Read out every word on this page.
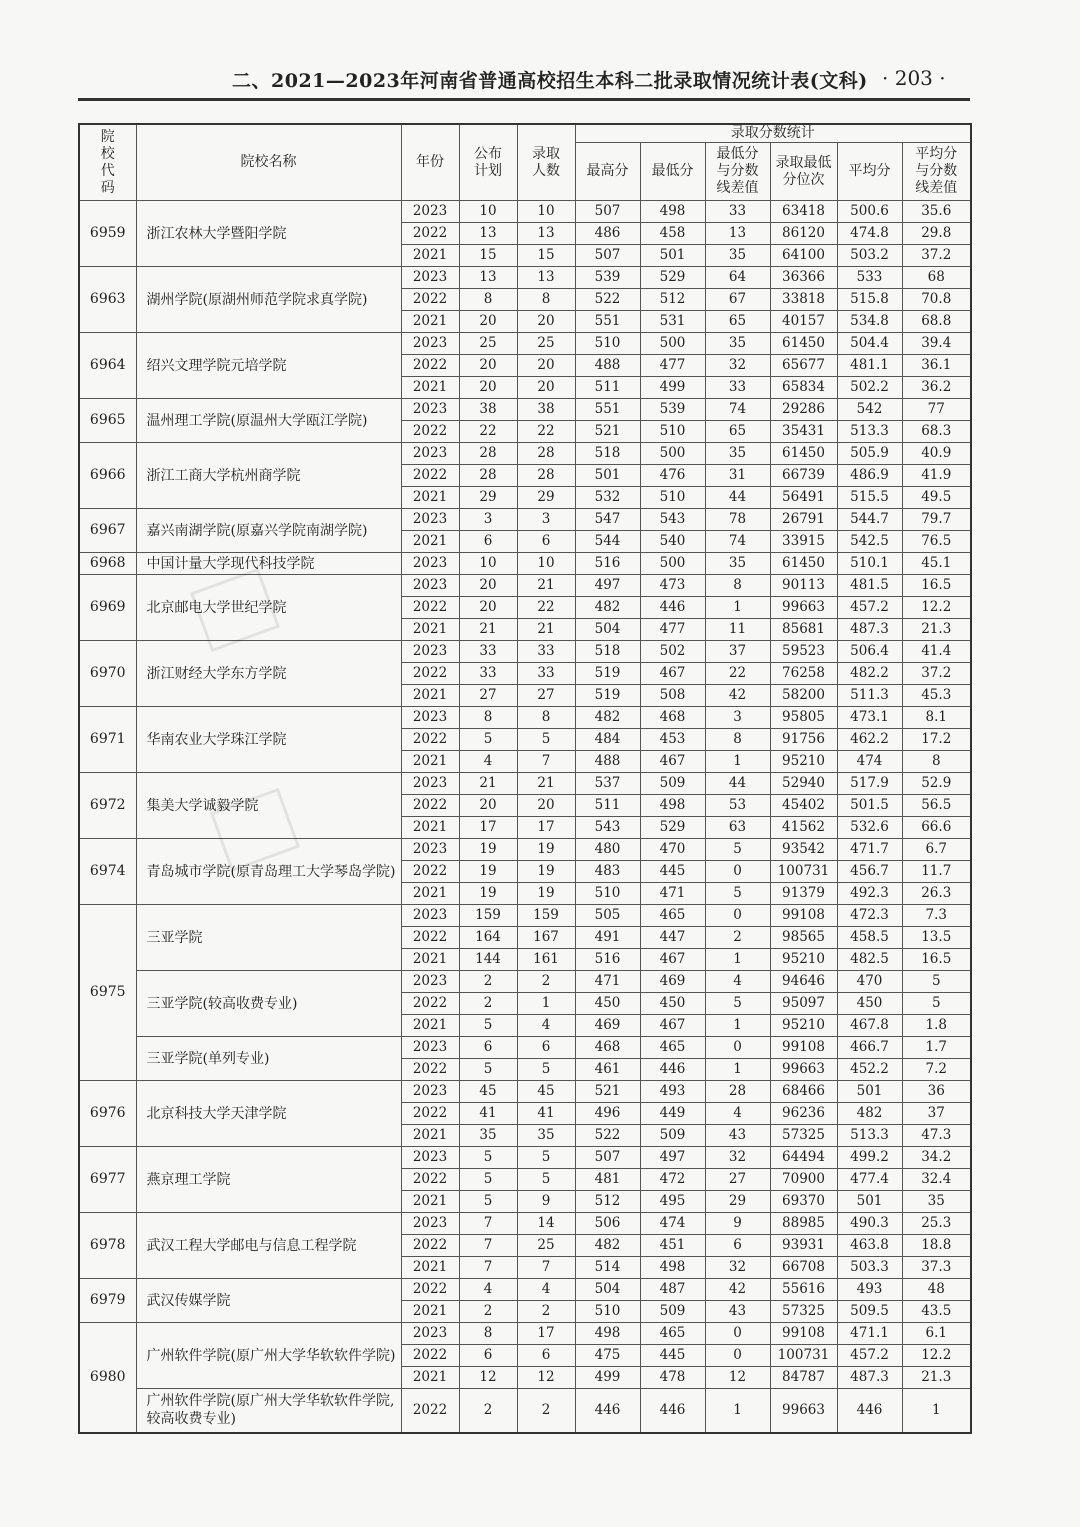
二、2021—2023年河南省普通高校招生本科二批录取情况统计表(文科) · 203 ·
院校代码	院校名称	年份	公布计划	录取人数	录取分数统计					
					最高分	最低分	最低分与分数线差值	录取最低分位次	平均分	平均分与分数线差值
6959	浙江农林大学暨阳学院	2023	10	10	507	498	33	63418	500.6	35.6
		2022	13	13	486	458	13	86120	474.8	29.8
		2021	15	15	507	501	35	64100	503.2	37.2
6963	湖州学院(原湖州师范学院求真学院)	2023	13	13	539	529	64	36366	533	68
		2022	8	8	522	512	67	33818	515.8	70.8
		2021	20	20	551	531	65	40157	534.8	68.8
6964	绍兴文理学院元培学院	2023	25	25	510	500	35	61450	504.4	39.4
		2022	20	20	488	477	32	65677	481.1	36.1
		2021	20	20	511	499	33	65834	502.2	36.2
6965	温州理工学院(原温州大学瓯江学院)	2023	38	38	551	539	74	29286	542	77
		2022	22	22	521	510	65	35431	513.3	68.3
6966	浙江工商大学杭州商学院	2023	28	28	518	500	35	61450	505.9	40.9
		2022	28	28	501	476	31	66739	486.9	41.9
		2021	29	29	532	510	44	56491	515.5	49.5
6967	嘉兴南湖学院(原嘉兴学院南湖学院)	2023	3	3	547	543	78	26791	544.7	79.7
		2021	6	6	544	540	74	33915	542.5	76.5
6968	中国计量大学现代科技学院	2023	10	10	516	500	35	61450	510.1	45.1
6969	北京邮电大学世纪学院	2023	20	21	497	473	8	90113	481.5	16.5
		2022	20	22	482	446	1	99663	457.2	12.2
		2021	21	21	504	477	11	85681	487.3	21.3
6970	浙江财经大学东方学院	2023	33	33	518	502	37	59523	506.4	41.4
		2022	33	33	519	467	22	76258	482.2	37.2
		2021	27	27	519	508	42	58200	511.3	45.3
6971	华南农业大学珠江学院	2023	8	8	482	468	3	95805	473.1	8.1
		2022	5	5	484	453	8	91756	462.2	17.2
		2021	4	7	488	467	1	95210	474	8
6972	集美大学诚毅学院	2023	21	21	537	509	44	52940	517.9	52.9
		2022	20	20	511	498	53	45402	501.5	56.5
		2021	17	17	543	529	63	41562	532.6	66.6
6974	青岛城市学院(原青岛理工大学琴岛学院)	2023	19	19	480	470	5	93542	471.7	6.7
		2022	19	19	483	445	0	100731	456.7	11.7
		2021	19	19	510	471	5	91379	492.3	26.3
6975	三亚学院	2023	159	159	505	465	0	99108	472.3	7.3
		2022	164	167	491	447	2	98565	458.5	13.5
		2021	144	161	516	467	1	95210	482.5	16.5
	三亚学院(较高收费专业)	2023	2	2	471	469	4	94646	470	5
		2022	2	1	450	450	5	95097	450	5
		2021	5	4	469	467	1	95210	467.8	1.8
	三亚学院(单列专业)	2023	6	6	468	465	0	99108	466.7	1.7
		2022	5	5	461	446	1	99663	452.2	7.2
6976	北京科技大学天津学院	2023	45	45	521	493	28	68466	501	36
		2022	41	41	496	449	4	96236	482	37
		2021	35	35	522	509	43	57325	513.3	47.3
6977	燕京理工学院	2023	5	5	507	497	32	64494	499.2	34.2
		2022	5	5	481	472	27	70900	477.4	32.4
		2021	5	9	512	495	29	69370	501	35
6978	武汉工程大学邮电与信息工程学院	2023	7	14	506	474	9	88985	490.3	25.3
		2022	7	25	482	451	6	93931	463.8	18.8
		2021	7	7	514	498	32	66708	503.3	37.3
6979	武汉传媒学院	2022	4	4	504	487	42	55616	493	48
		2021	2	2	510	509	43	57325	509.5	43.5
6980	广州软件学院(原广州大学华软软件学院)	2023	8	17	498	465	0	99108	471.1	6.1
		2022	6	6	475	445	0	100731	457.2	12.2
		2021	12	12	499	478	12	84787	487.3	21.3
	广州软件学院(原广州大学华软软件学院,较高收费专业)	2022	2	2	446	446	1	99663	446	1
